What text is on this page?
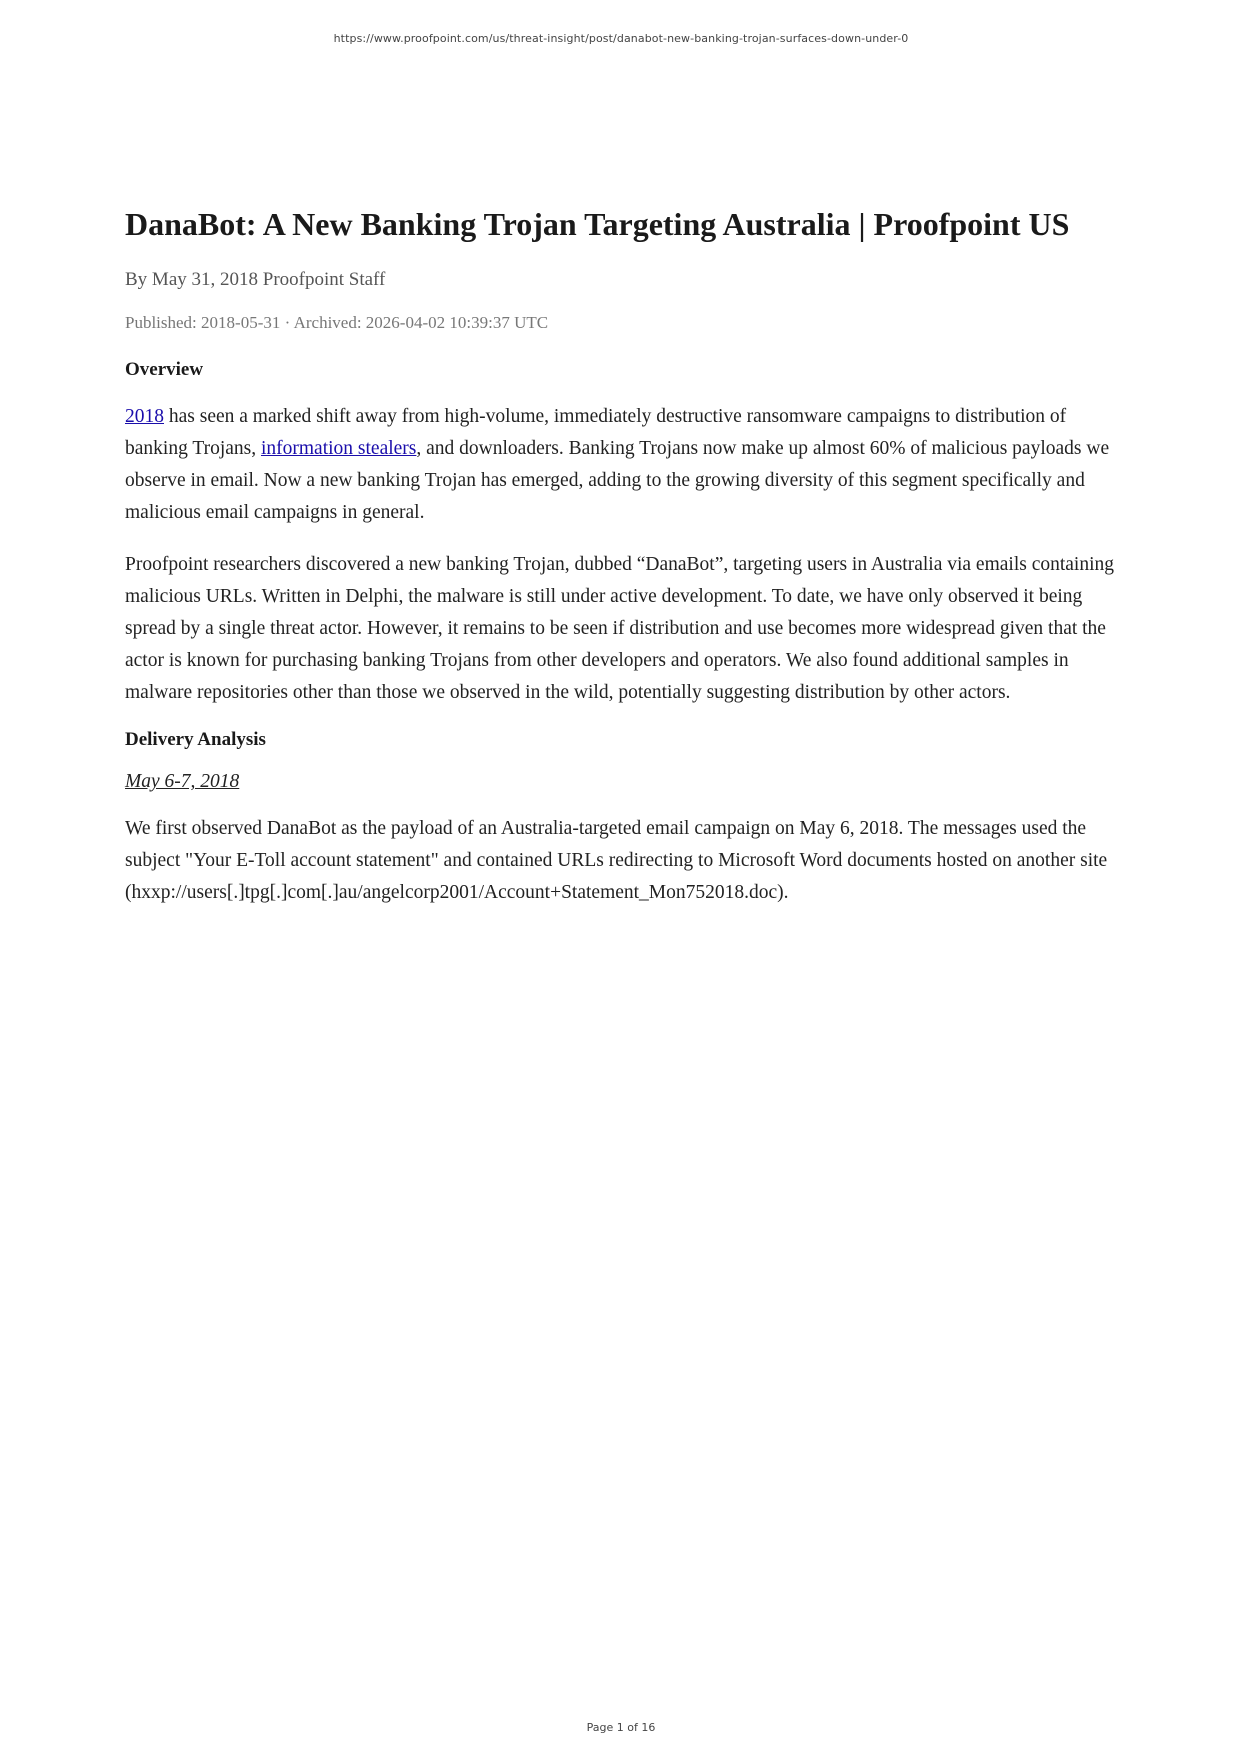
https://www.proofpoint.com/us/threat-insight/post/danabot-new-banking-trojan-surfaces-down-under-0
DanaBot: A New Banking Trojan Targeting Australia | Proofpoint US
By May 31, 2018 Proofpoint Staff
Published: 2018-05-31 · Archived: 2026-04-02 10:39:37 UTC
Overview

2018 has seen a marked shift away from high-volume, immediately destructive ransomware campaigns to distribution of banking Trojans, information stealers, and downloaders. Banking Trojans now make up almost 60% of malicious payloads we observe in email. Now a new banking Trojan has emerged, adding to the growing diversity of this segment specifically and malicious email campaigns in general.

Proofpoint researchers discovered a new banking Trojan, dubbed “DanaBot”, targeting users in Australia via emails containing malicious URLs. Written in Delphi, the malware is still under active development. To date, we have only observed it being spread by a single threat actor. However, it remains to be seen if distribution and use becomes more widespread given that the actor is known for purchasing banking Trojans from other developers and operators. We also found additional samples in malware repositories other than those we observed in the wild, potentially suggesting distribution by other actors.

Delivery Analysis
May 6-7, 2018

We first observed DanaBot as the payload of an Australia-targeted email campaign on May 6, 2018. The messages used the subject "Your E-Toll account statement" and contained URLs redirecting to Microsoft Word documents hosted on another site (hxxp://users[.]tpg[.]com[.]au/angelcorp2001/Account+Statement_Mon752018.doc).

Page 1 of 16
